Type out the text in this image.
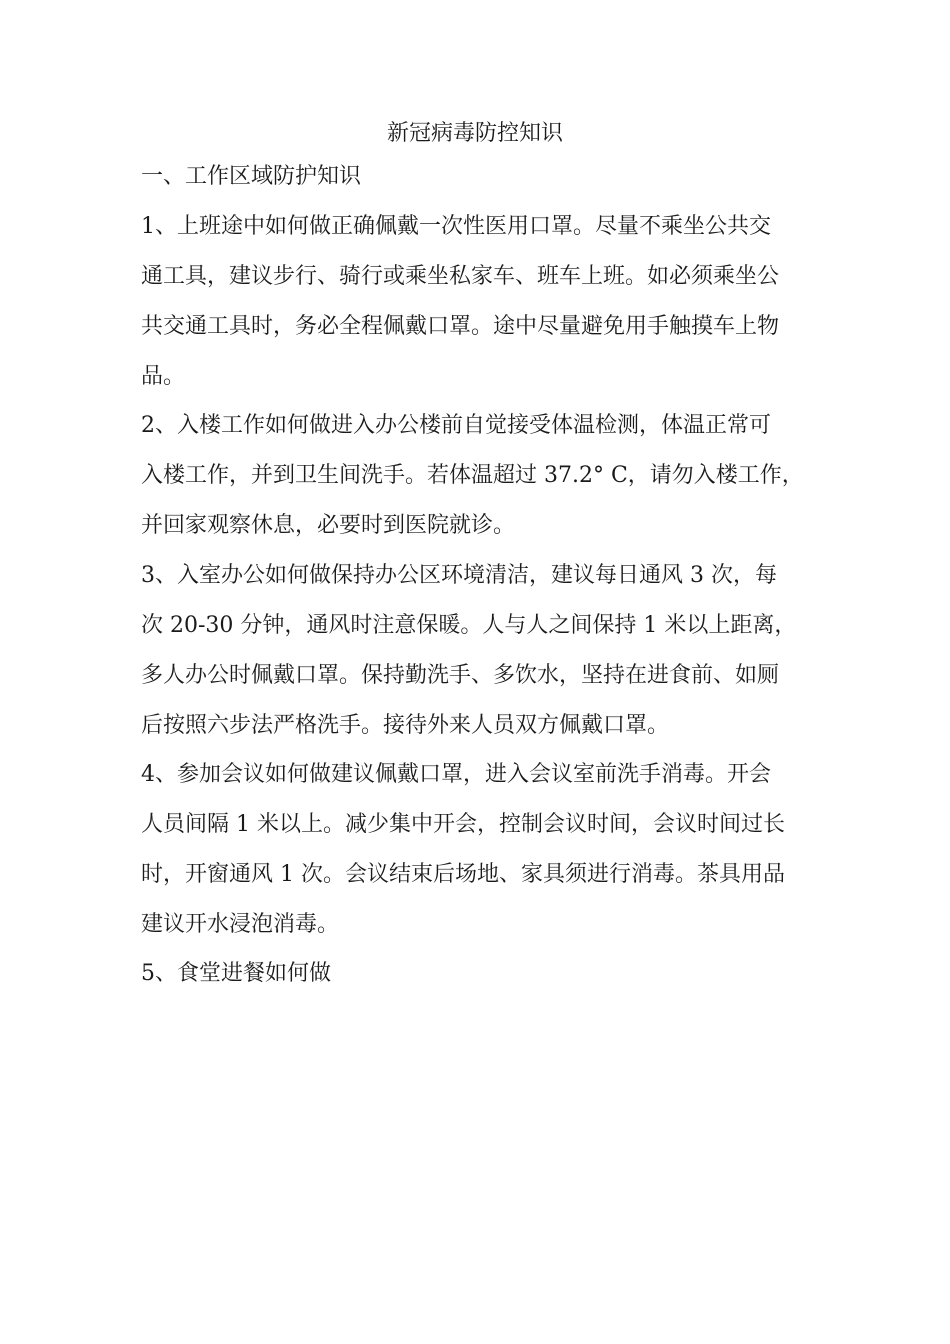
新冠病毒防控知识
一、工作区域防护知识
1、上班途中如何做正确佩戴一次性医用口罩。尽量不乘坐公共交
通工具，建议步行、骑行或乘坐私家车、班车上班。如必须乘坐公
共交通工具时，务必全程佩戴口罩。途中尽量避免用手触摸车上物
品。
2、入楼工作如何做进入办公楼前自觉接受体温检测，体温正常可
入楼工作，并到卫生间洗手。若体温超过 37.2° C，请勿入楼工作，
并回家观察休息，必要时到医院就诊。
3、入室办公如何做保持办公区环境清洁，建议每日通风 3 次，每
次 20-30 分钟，通风时注意保暖。人与人之间保持 1 米以上距离，
多人办公时佩戴口罩。保持勤洗手、多饮水，坚持在进食前、如厕
后按照六步法严格洗手。接待外来人员双方佩戴口罩。
4、参加会议如何做建议佩戴口罩，进入会议室前洗手消毒。开会
人员间隔 1 米以上。减少集中开会，控制会议时间，会议时间过长
时，开窗通风 1 次。会议结束后场地、家具须进行消毒。茶具用品
建议开水浸泡消毒。
5、食堂进餐如何做
